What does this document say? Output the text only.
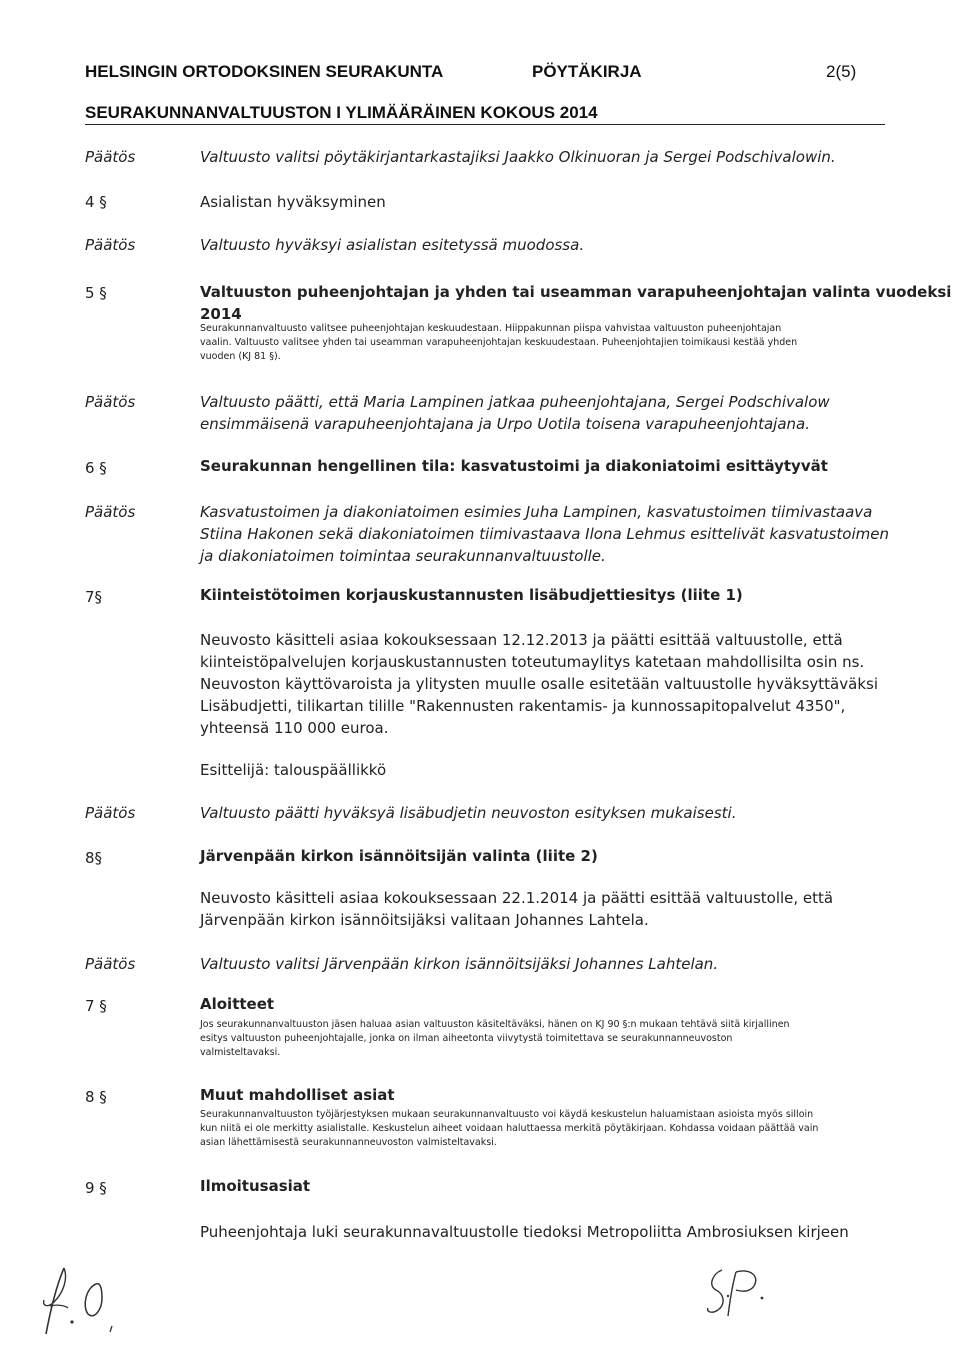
HELSINGIN ORTODOKSINEN SEURAKUNTA	PÖYTÄKIRJA	2(5)
SEURAKUNNANVALTUUSTON I YLIMÄÄRÄINEN KOKOUS 2014
Päätös	Valtuusto valitsi pöytäkirjantarkastajiksi Jaakko Olkinuoran ja Sergei Podschivalowin.
4 §	Asialistan hyväksyminen
Päätös	Valtuusto hyväksyi asialistan esitetyssä muodossa.
5 §	Valtuuston puheenjohtajan ja yhden tai useamman varapuheenjohtajan valinta vuodeksi
2014
Seurakunnanvaltuusto valitsee puheenjohtajan keskuudestaan. Hiippakunnan piispa vahvistaa valtuuston puheenjohtajan
vaalin. Valtuusto valitsee yhden tai useamman varapuheenjohtajan keskuudestaan. Puheenjohtajien toimikausi kestää yhden
vuoden (KJ 81 §).
Päätös	Valtuusto päätti, että Maria Lampinen jatkaa puheenjohtajana, Sergei Podschivalow
ensimmäisenä varapuheenjohtajana ja Urpo Uotila toisena varapuheenjohtajana.
6 §	Seurakunnan hengellinen tila: kasvatustoimi ja diakoniatoimi esittäytyvät
Päätös	Kasvatustoimen ja diakoniatoimen esimies Juha Lampinen, kasvatustoimen tiimivastaava
Stiina Hakonen sekä diakoniatoimen tiimivastaava Ilona Lehmus esittelivät kasvatustoimen
ja diakoniatoimen toimintaa seurakunnanvaltuustolle.
7§	Kiinteistötoimen korjauskustannusten lisäbudjettiesitys (liite 1)
Neuvosto käsitteli asiaa kokouksessaan 12.12.2013 ja päätti esittää valtuustolle, että
kiinteistöpalvelujen korjauskustannusten toteutumaylitys katetaan mahdollisilta osin ns.
Neuvoston käyttövaroista ja ylitysten muulle osalle esitetään valtuustolle hyväksyttäväksi
Lisäbudjetti, tilikartan tilille "Rakennusten rakentamis- ja kunnossapitopalvelut 4350",
yhteensä 110 000 euroa.
Esittelijä: talouspäällikkö
Päätös	Valtuusto päätti hyväksyä lisäbudjetin neuvoston esityksen mukaisesti.
8§	Järvenpään kirkon isännöitsijän valinta (liite 2)
Neuvosto käsitteli asiaa kokouksessaan 22.1.2014 ja päätti esittää valtuustolle, että
Järvenpään kirkon isännöitsijäksi valitaan Johannes Lahtela.
Päätös	Valtuusto valitsi Järvenpään kirkon isännöitsijäksi Johannes Lahtelan.
7 §	Aloitteet
Jos seurakunnanvaltuuston jäsen haluaa asian valtuuston käsiteltäväksi, hänen on KJ 90 §:n mukaan tehtävä siitä kirjallinen
esitys valtuuston puheenjohtajalle, jonka on ilman aiheetonta viivytystä toimitettava se seurakunnanneuvoston
valmisteltavaksi.
8 §	Muut mahdolliset asiat
Seurakunnanvaltuuston työjärjestyksen mukaan seurakunnanvaltuusto voi käydä keskustelun haluamistaan asioista myös silloin
kun niitä ei ole merkitty asialistalle. Keskustelun aiheet voidaan haluttaessa merkitä pöytäkirjaan. Kohdassa voidaan päättää vain
asian lähettämisestä seurakunnanneuvoston valmisteltavaksi.
9 §	Ilmoitusasiat
Puheenjohtaja luki seurakunnavaltuustolle tiedoksi Metropoliitta Ambrosiuksen kirjeen
